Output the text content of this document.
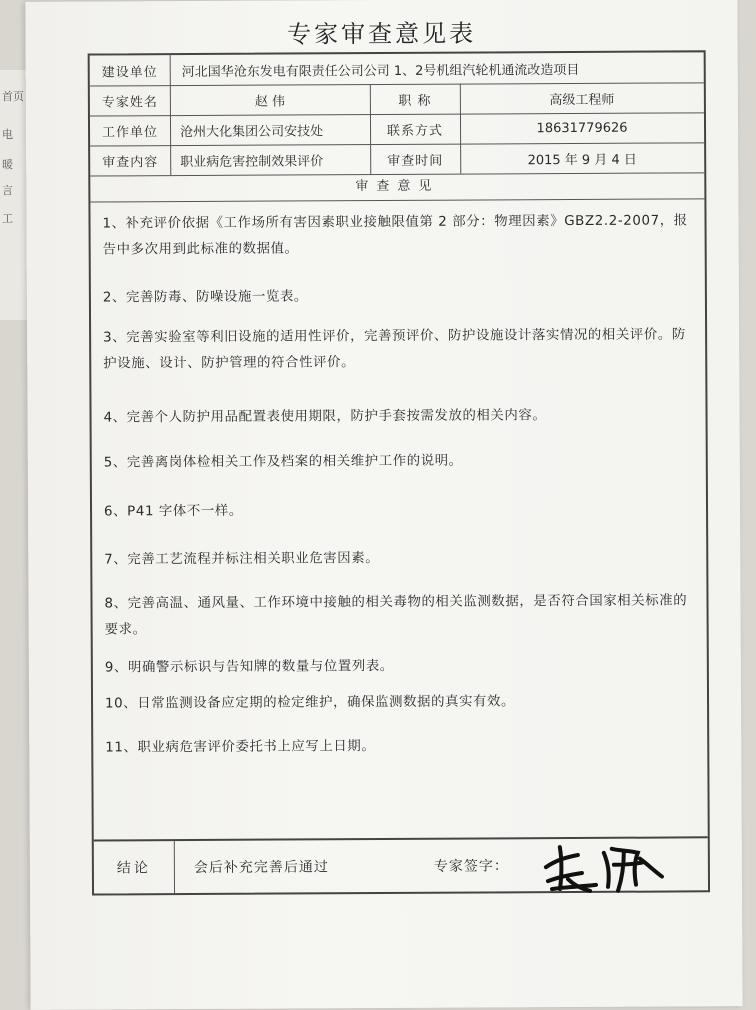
首页
电
暖
言
工
专家审查意见表
建设单位	河北国华沧东发电有限责任公司公司 1、2号机组汽轮机通流改造项目
专家姓名	赵 伟	职 称	高级工程师
工作单位	沧州大化集团公司安技处	联系方式	18631779626
审查内容	职业病危害控制效果评价	审查时间	2015 年 9 月 4 日
审查意见
1、补充评价依据《工作场所有害因素职业接触限值第 2 部分：物理因素》GBZ2.2-2007，报告中多次用到此标准的数据值。
2、完善防毒、防噪设施一览表。
3、完善实验室等利旧设施的适用性评价，完善预评价、防护设施设计落实情况的相关评价。防护设施、设计、防护管理的符合性评价。
4、完善个人防护用品配置表使用期限，防护手套按需发放的相关内容。
5、完善离岗体检相关工作及档案的相关维护工作的说明。
6、P41 字体不一样。
7、完善工艺流程并标注相关职业危害因素。
8、完善高温、通风量、工作环境中接触的相关毒物的相关监测数据，是否符合国家相关标准的要求。
9、明确警示标识与告知牌的数量与位置列表。
10、日常监测设备应定期的检定维护，确保监测数据的真实有效。
11、职业病危害评价委托书上应写上日期。
结论	会后补充完善后通过	专家签字：
